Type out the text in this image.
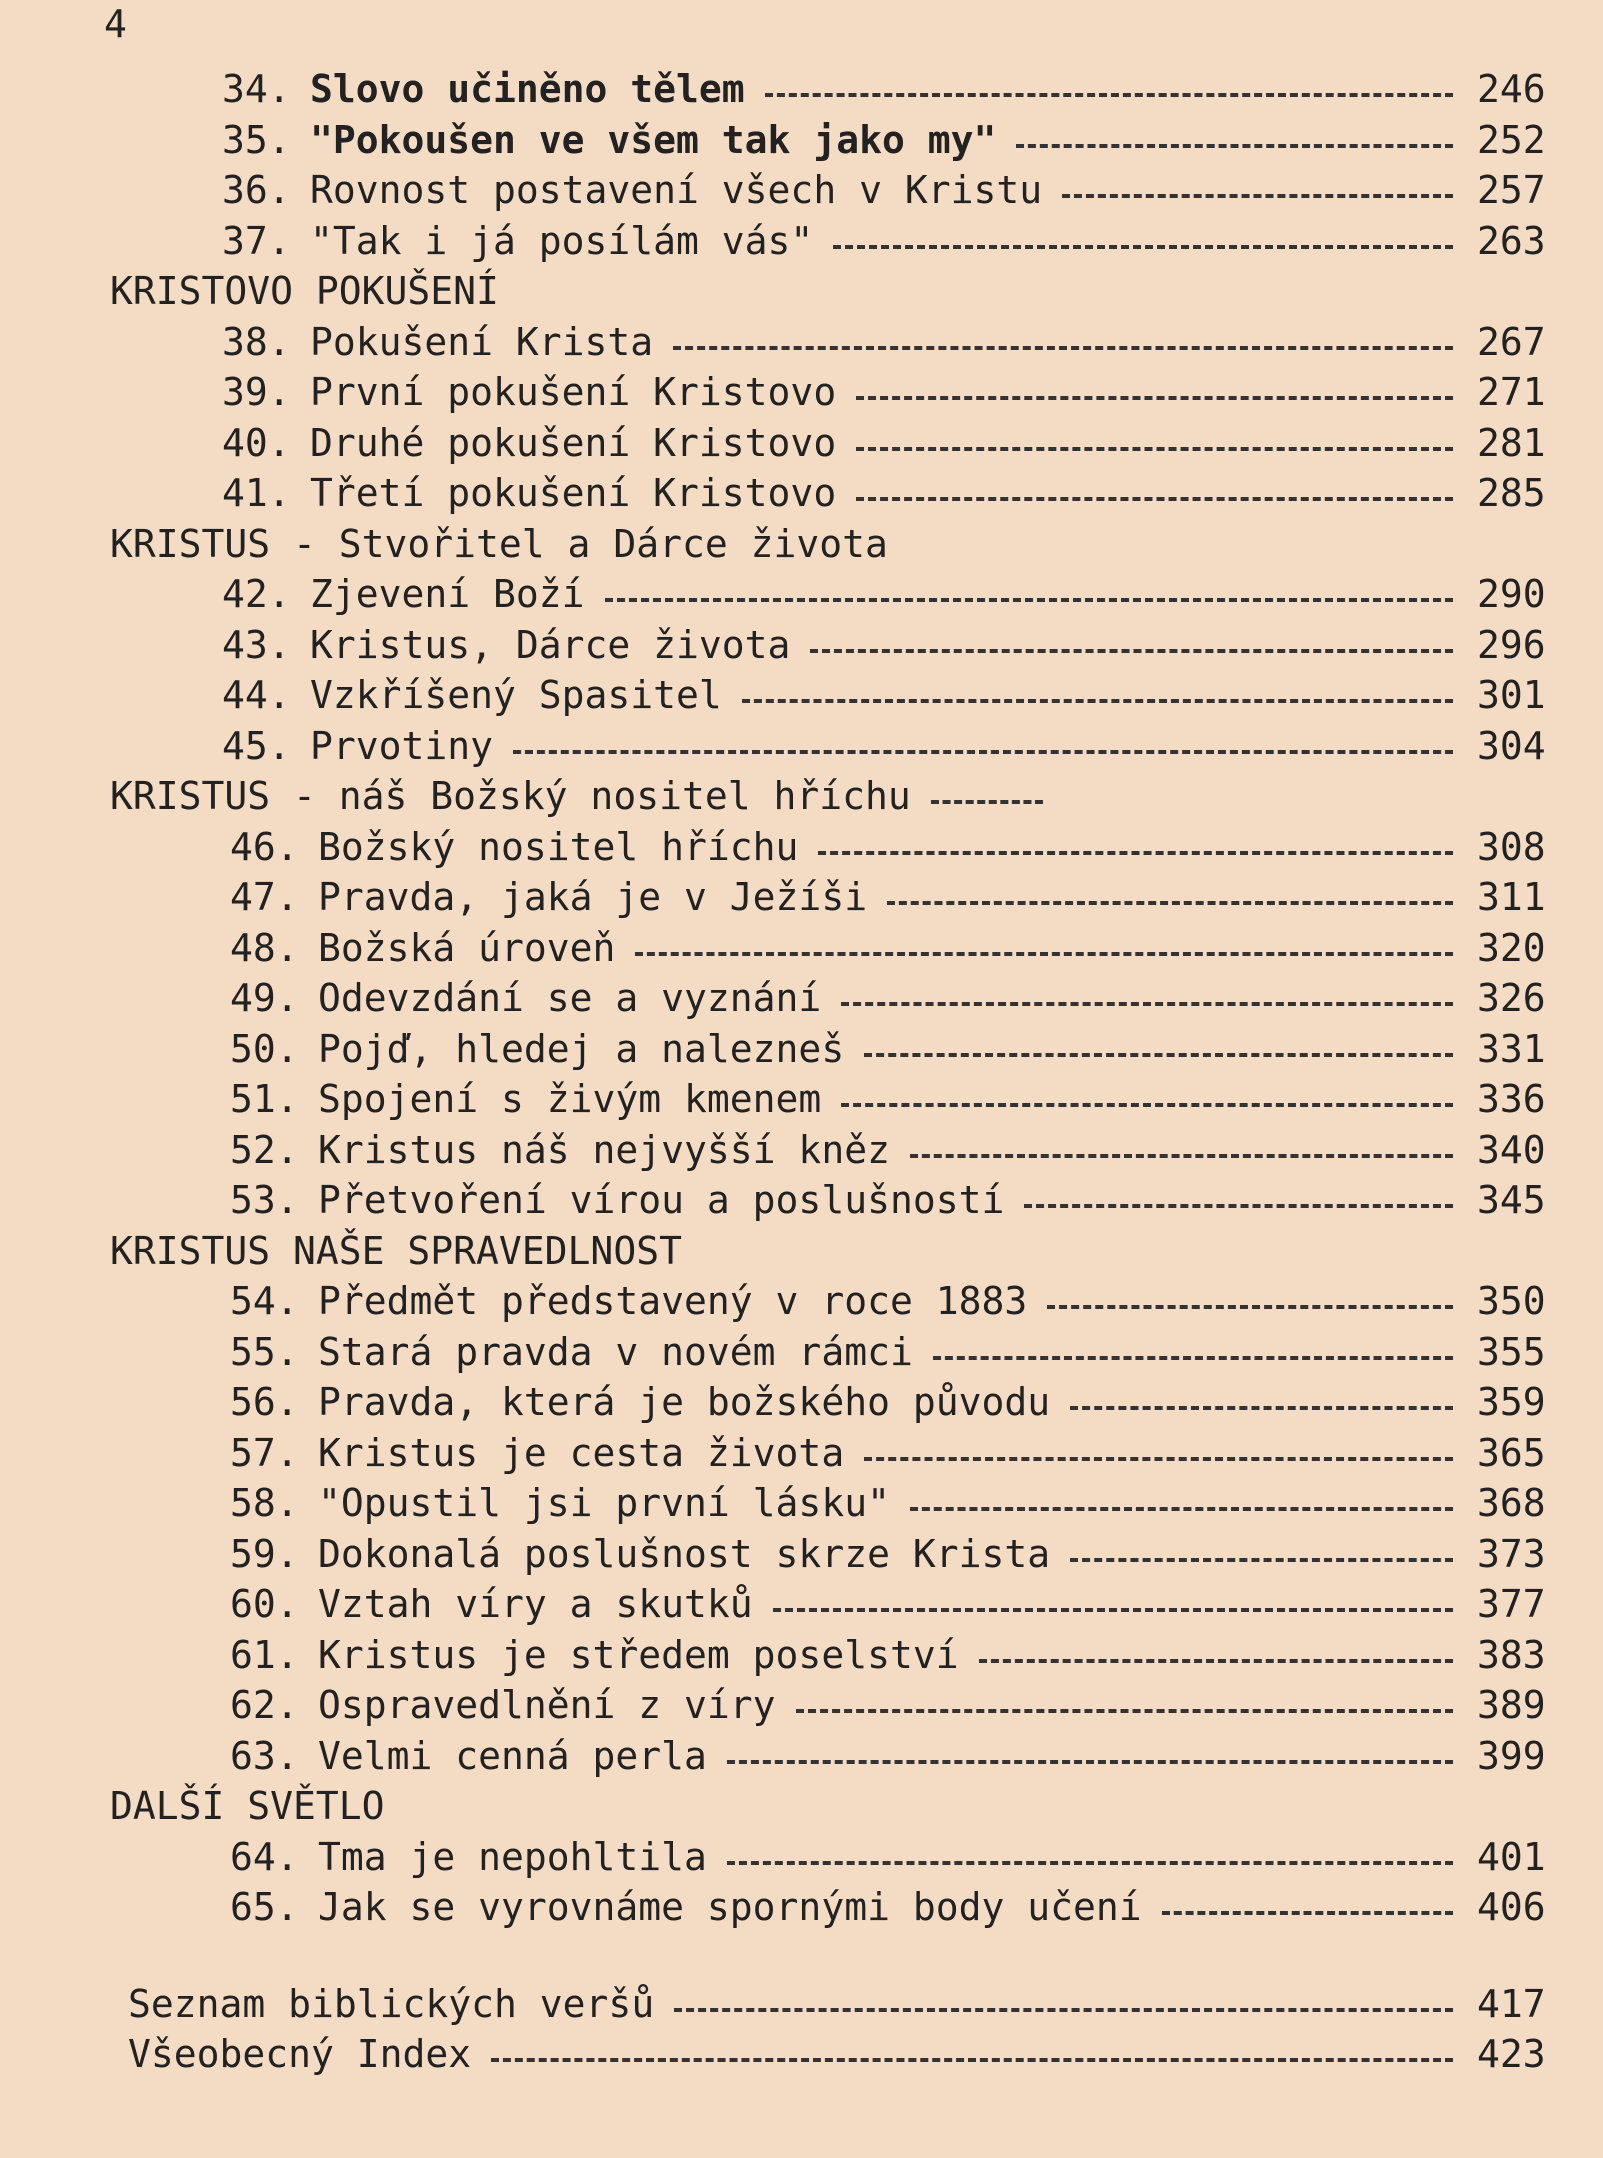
4
34. Slovo učiněno tělem	246
35. "Pokoušen ve všem tak jako my"	252
36. Rovnost postavení všech v Kristu	257
37. "Tak i já posílám vás"	263
KRISTOVO POKUŠENÍ
38. Pokušení Krista	267
39. První pokušení Kristovo	271
40. Druhé pokušení Kristovo	281
41. Třetí pokušení Kristovo	285
KRISTUS - Stvořitel a Dárce života
42. Zjevení Boží	290
43. Kristus, Dárce života	296
44. Vzkříšený Spasitel	301
45. Prvotiny	304
KRISTUS - náš Božský nositel hříchu
46. Božský nositel hříchu	308
47. Pravda, jaká je v Ježíši	311
48. Božská úroveň	320
49. Odevzdání se a vyznání	326
50. Pojď, hledej a nalezneš	331
51. Spojení s živým kmenem	336
52. Kristus náš nejvyšší kněz	340
53. Přetvoření vírou a poslušností	345
KRISTUS NAŠE SPRAVEDLNOST
54. Předmět představený v roce 1883	350
55. Stará pravda v novém rámci	355
56. Pravda, která je božského původu	359
57. Kristus je cesta života	365
58. "Opustil jsi první lásku"	368
59. Dokonalá poslušnost skrze Krista	373
60. Vztah víry a skutků	377
61. Kristus je středem poselství	383
62. Ospravedlnění z víry	389
63. Velmi cenná perla	399
DALŠÍ SVĚTLO
64. Tma je nepohltila	401
65. Jak se vyrovnáme spornými body učení	406
Seznam biblických veršů	417
Všeobecný Index	423
